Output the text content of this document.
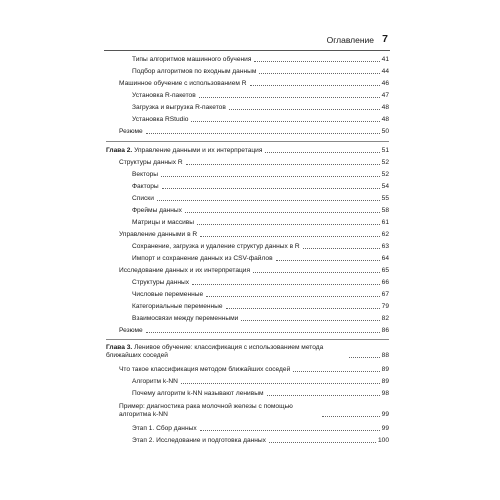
Оглавление 7
Типы алгоритмов машинного обучения	41
Подбор алгоритмов по входным данным	44
Машинное обучение с использованием R	46
Установка R-пакетов	47
Загрузка и выгрузка R-пакетов	48
Установка RStudio	48
Резюме	50
Глава 2. Управление данными и их интерпретация	51
Структуры данных R	52
Векторы	52
Факторы	54
Списки	55
Фреймы данных	58
Матрицы и массивы	61
Управление данными в R	62
Сохранение, загрузка и удаление структур данных в R	63
Импорт и сохранение данных из CSV-файлов	64
Исследование данных и их интерпретация	65
Структуры данных	66
Числовые переменные	67
Категориальные переменные	79
Взаимосвязи между переменными	82
Резюме	86
Глава 3. Ленивое обучение: классификация с использованием метода ближайших соседей	88
Что такое классификация методом ближайших соседей	89
Алгоритм k-NN	89
Почему алгоритм k-NN называют ленивым	98
Пример: диагностика рака молочной железы с помощью алгоритма k-NN	99
Этап 1. Сбор данных	99
Этап 2. Исследование и подготовка данных	100
